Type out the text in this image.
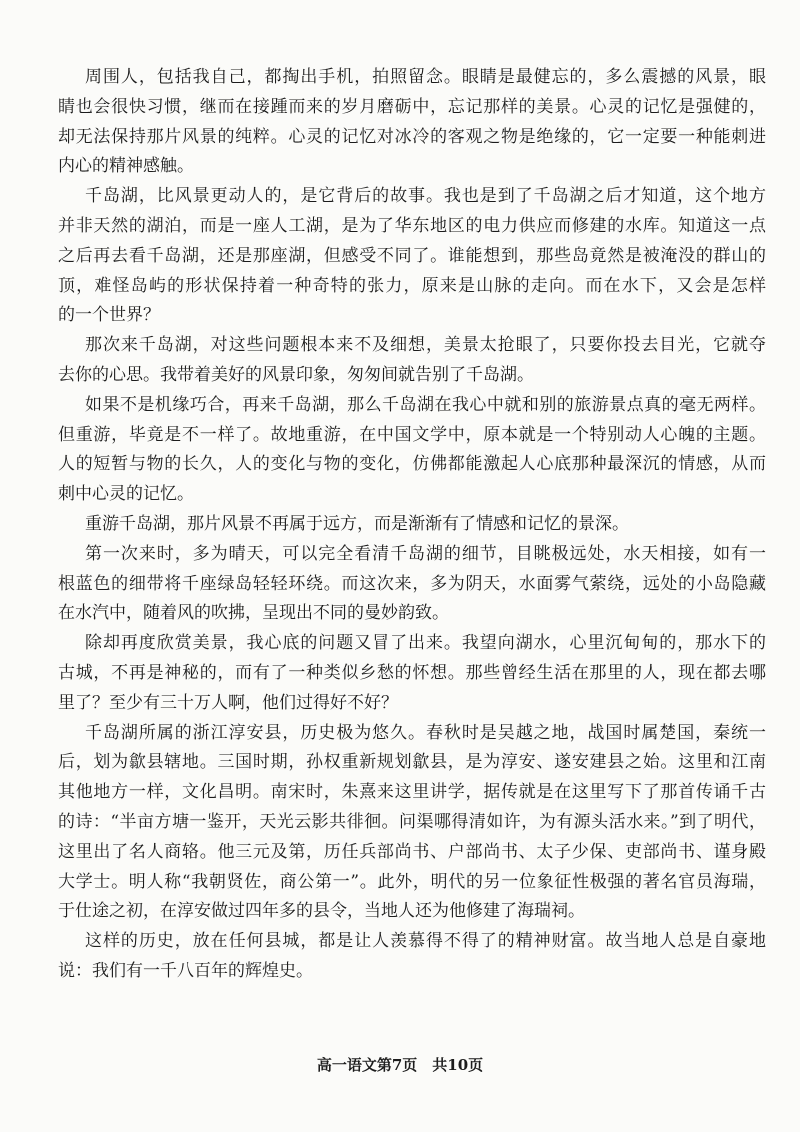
周围人，包括我自己，都掏出手机，拍照留念。眼睛是最健忘的，多么震撼的风景，眼
睛也会很快习惯，继而在接踵而来的岁月磨砺中，忘记那样的美景。心灵的记忆是强健的，
却无法保持那片风景的纯粹。心灵的记忆对冰冷的客观之物是绝缘的，它一定要一种能刺进
内心的精神感触。
千岛湖，比风景更动人的，是它背后的故事。我也是到了千岛湖之后才知道，这个地方
并非天然的湖泊，而是一座人工湖，是为了华东地区的电力供应而修建的水库。知道这一点
之后再去看千岛湖，还是那座湖，但感受不同了。谁能想到，那些岛竟然是被淹没的群山的
顶，难怪岛屿的形状保持着一种奇特的张力，原来是山脉的走向。而在水下，又会是怎样
的一个世界？
那次来千岛湖，对这些问题根本来不及细想，美景太抢眼了，只要你投去目光，它就夺
去你的心思。我带着美好的风景印象，匆匆间就告别了千岛湖。
如果不是机缘巧合，再来千岛湖，那么千岛湖在我心中就和别的旅游景点真的毫无两样。
但重游，毕竟是不一样了。故地重游，在中国文学中，原本就是一个特别动人心魄的主题。
人的短暂与物的长久，人的变化与物的变化，仿佛都能激起人心底那种最深沉的情感，从而
刺中心灵的记忆。
重游千岛湖，那片风景不再属于远方，而是渐渐有了情感和记忆的景深。
第一次来时，多为晴天，可以完全看清千岛湖的细节，目眺极远处，水天相接，如有一
根蓝色的细带将千座绿岛轻轻环绕。而这次来，多为阴天，水面雾气萦绕，远处的小岛隐藏
在水汽中，随着风的吹拂，呈现出不同的曼妙韵致。
除却再度欣赏美景，我心底的问题又冒了出来。我望向湖水，心里沉甸甸的，那水下的
古城，不再是神秘的，而有了一种类似乡愁的怀想。那些曾经生活在那里的人，现在都去哪
里了？至少有三十万人啊，他们过得好不好？
千岛湖所属的浙江淳安县，历史极为悠久。春秋时是吴越之地，战国时属楚国，秦统一
后，划为歙县辖地。三国时期，孙权重新规划歙县，是为淳安、遂安建县之始。这里和江南
其他地方一样，文化昌明。南宋时，朱熹来这里讲学，据传就是在这里写下了那首传诵千古
的诗：“半亩方塘一鉴开，天光云影共徘徊。问渠哪得清如许，为有源头活水来。”到了明代，
这里出了名人商辂。他三元及第，历任兵部尚书、户部尚书、太子少保、吏部尚书、谨身殿
大学士。明人称“我朝贤佐，商公第一”。此外，明代的另一位象征性极强的著名官员海瑞，
于仕途之初，在淳安做过四年多的县令，当地人还为他修建了海瑞祠。
这样的历史，放在任何县城，都是让人羡慕得不得了的精神财富。故当地人总是自豪地
说：我们有一千八百年的辉煌史。
高一语文第7页　共10页
